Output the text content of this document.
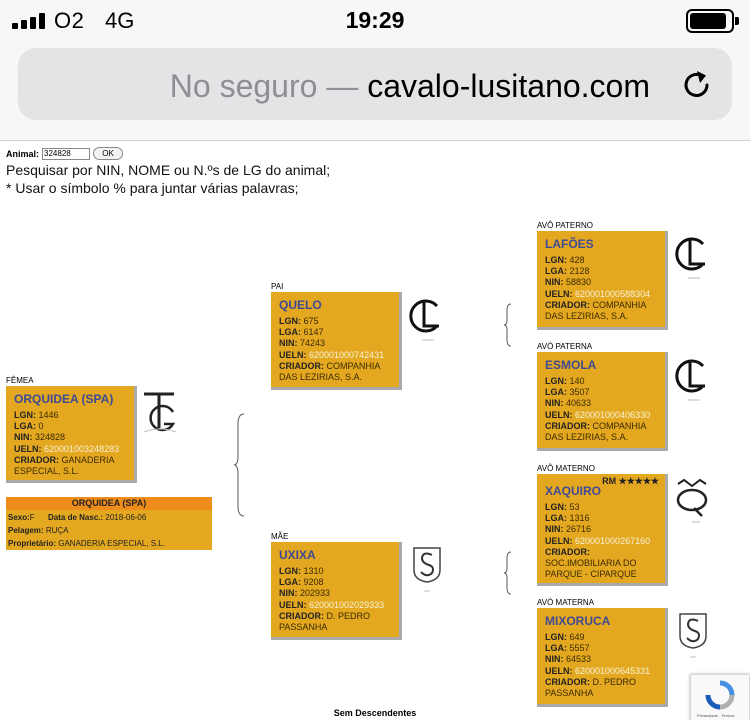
O2 4G	19:29
No seguro — cavalo-lusitano.com
Animal:
324828	OK
Pesquisar por NIN, NOME ou N.ºs de LG do animal;
* Usar o símbolo % para juntar várias palavras;
FÊMEA
ORQUIDEA (SPA)
LGN: 1446
LGA: 0
NIN: 324828
UELN: 620001003248283
CRIADOR: GANADERIA ESPECIAL, S.L.
ORQUIDEA (SPA)
Sexo:F Data de Nasc.: 2018-06-06
Pelagem: RUÇA
Proprietário: GANADERIA ESPECIAL, S.L.
PAI
QUELO
LGN: 675
LGA: 6147
NIN: 74243
UELN: 620001000742431
CRIADOR: COMPANHIA DAS LEZIRIAS, S.A.
MÃE
UXIXA
LGN: 1310
LGA: 9208
NIN: 202933
UELN: 620001002029333
CRIADOR: D. PEDRO PASSANHA
AVÔ PATERNO
LAFÕES
LGN: 428
LGA: 2128
NIN: 58830
UELN: 620001000588304
CRIADOR: COMPANHIA DAS LEZIRIAS, S.A.
AVÓ PATERNA
ESMOLA
LGN: 140
LGA: 3507
NIN: 40633
UELN: 620001000406330
CRIADOR: COMPANHIA DAS LEZIRIAS, S.A.
AVÔ MATERNO
RM ★★★★★
XAQUIRO
LGN: 53
LGA: 1316
NIN: 26716
UELN: 620001000267160
CRIADOR:
SOC.IMOBILIARIA DO PARQUE - CIPARQUE
AVÓ MATERNA
MIXORUCA
LGN: 649
LGA: 5557
NIN: 64533
UELN: 620001000645331
CRIADOR: D. PEDRO PASSANHA
Sem Descendentes	Privacidade - Termos
